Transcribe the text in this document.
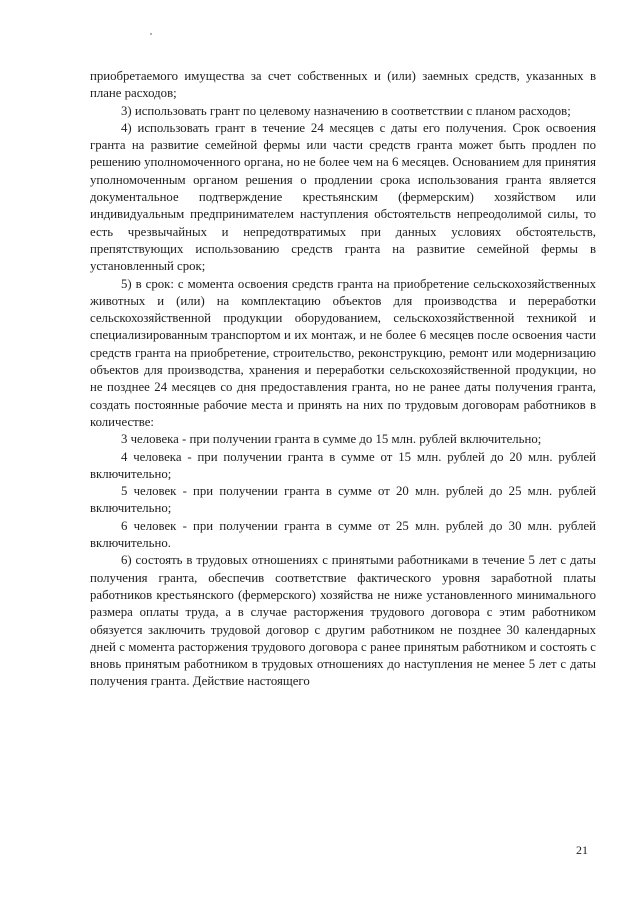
приобретаемого имущества за счет собственных и (или) заемных средств, указанных в плане расходов;

3) использовать грант по целевому назначению в соответствии с планом расходов;

4) использовать грант в течение 24 месяцев с даты его получения. Срок освоения гранта на развитие семейной фермы или части средств гранта может быть продлен по решению уполномоченного органа, но не более чем на 6 месяцев. Основанием для принятия уполномоченным органом решения о продлении срока использования гранта является документальное подтверждение крестьянским (фермерским) хозяйством или индивидуальным предпринимателем наступления обстоятельств непреодолимой силы, то есть чрезвычайных и непредотвратимых при данных условиях обстоятельств, препятствующих использованию средств гранта на развитие семейной фермы в установленный срок;

5) в срок: с момента освоения средств гранта на приобретение сельскохозяйственных животных и (или) на комплектацию объектов для производства и переработки сельскохозяйственной продукции оборудованием, сельскохозяйственной техникой и специализированным транспортом и их монтаж, и не более 6 месяцев после освоения части средств гранта на приобретение, строительство, реконструкцию, ремонт или модернизацию объектов для производства, хранения и переработки сельскохозяйственной продукции, но не позднее 24 месяцев со дня предоставления гранта, но не ранее даты получения гранта, создать постоянные рабочие места и принять на них по трудовым договорам работников в количестве:

3 человека - при получении гранта в сумме до 15 млн. рублей включительно;

4 человека - при получении гранта в сумме от 15 млн. рублей до 20 млн. рублей включительно;

5 человек - при получении гранта в сумме от 20 млн. рублей до 25 млн. рублей включительно;

6 человек - при получении гранта в сумме от 25 млн. рублей до 30 млн. рублей включительно.

6) состоять в трудовых отношениях с принятыми работниками в течение 5 лет с даты получения гранта, обеспечив соответствие фактического уровня заработной платы работников крестьянского (фермерского) хозяйства не ниже установленного минимального размера оплаты труда, а в случае расторжения трудового договора с этим работником обязуется заключить трудовой договор с другим работником не позднее 30 календарных дней с момента расторжения трудового договора с ранее принятым работником и состоять с вновь принятым работником в трудовых отношениях до наступления не менее 5 лет с даты получения гранта. Действие настоящего

21
